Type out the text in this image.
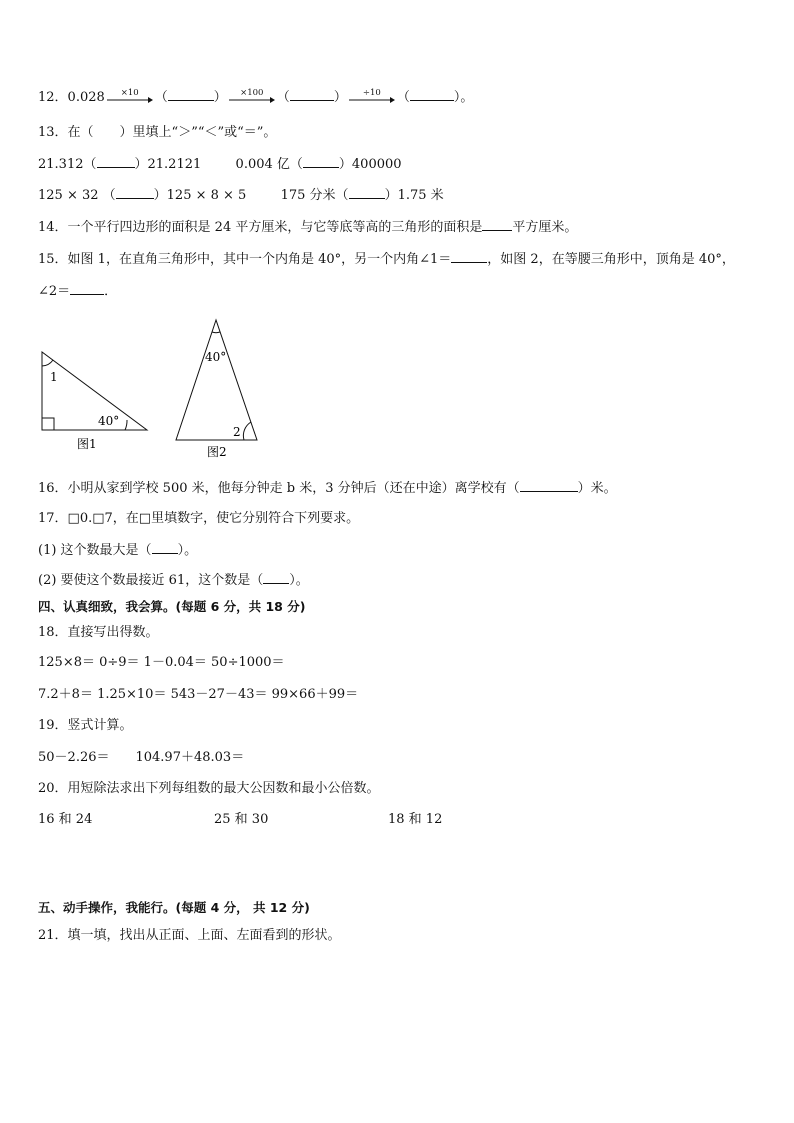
12．0.028	×10	（	）	×100	（	）	÷10	（	）。
13．在（　　）里填上“＞”“＜”或“＝”。
21.312（	）21.2121	0.004 亿（	）400000
125 × 32 （	）125 × 8 × 5	175 分米（	）1.75 米
14．一个平行四边形的面积是 24 平方厘米，与它等底等高的三角形的面积是 平方厘米。
15．如图 1，在直角三角形中，其中一个内角是 40°，另一个内角∠1＝	，如图 2，在等腰三角形中，顶角是 40°，
∠2＝	．
1
40°
图1
40°
2
图2
16．小明从家到学校 500 米，他每分钟走 b 米，3 分钟后（还在中途）离学校有（	）米。
17．□0.□7，在□里填数字，使它分别符合下列要求。
(1) 这个数最大是（ ）。
(2) 要使这个数最接近 61，这个数是（ ）。
四、认真细致，我会算。(每题 6 分，共 18 分)
18．直接写出得数。
125×8＝ 0÷9＝ 1－0.04＝ 50÷1000＝
7.2＋8＝ 1.25×10＝ 543－27－43＝ 99×66＋99＝
19．竖式计算。
50－2.26＝　　104.97＋48.03＝
20．用短除法求出下列每组数的最大公因数和最小公倍数。
16 和 24	25 和 30	18 和 12
五、动手操作，我能行。(每题 4 分， 共 12 分)
21．填一填，找出从正面、上面、左面看到的形状。
